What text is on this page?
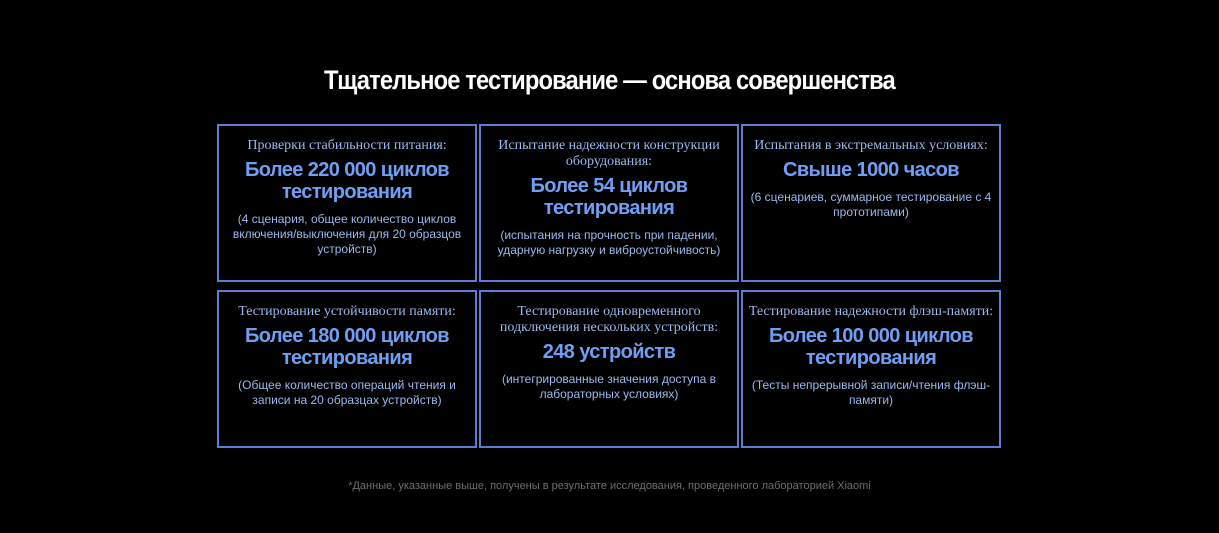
Тщательное тестирование — основа совершенства
Проверки стабильности питания:
Более 220 000 циклов тестирования
(4 сценария, общее количество циклов включения/выключения для 20 образцов устройств)
Испытание надежности конструкции оборудования:
Более 54 циклов тестирования
(испытания на прочность при падении, ударную нагрузку и виброустойчивость)
Испытания в экстремальных условиях:
Свыше 1000 часов
(6 сценариев, суммарное тестирование с 4 прототипами)
Тестирование устойчивости памяти:
Более 180 000 циклов тестирования
(Общее количество операций чтения и записи на 20 образцах устройств)
Тестирование одновременного подключения нескольких устройств:
248 устройств
(интегрированные значения доступа в лабораторных условиях)
Тестирование надежности флэш-памяти:
Более 100 000 циклов тестирования
(Тесты непрерывной записи/чтения флэш-памяти)
*Данные, указанные выше, получены в результате исследования, проведенного лабораторией Xiaomi
